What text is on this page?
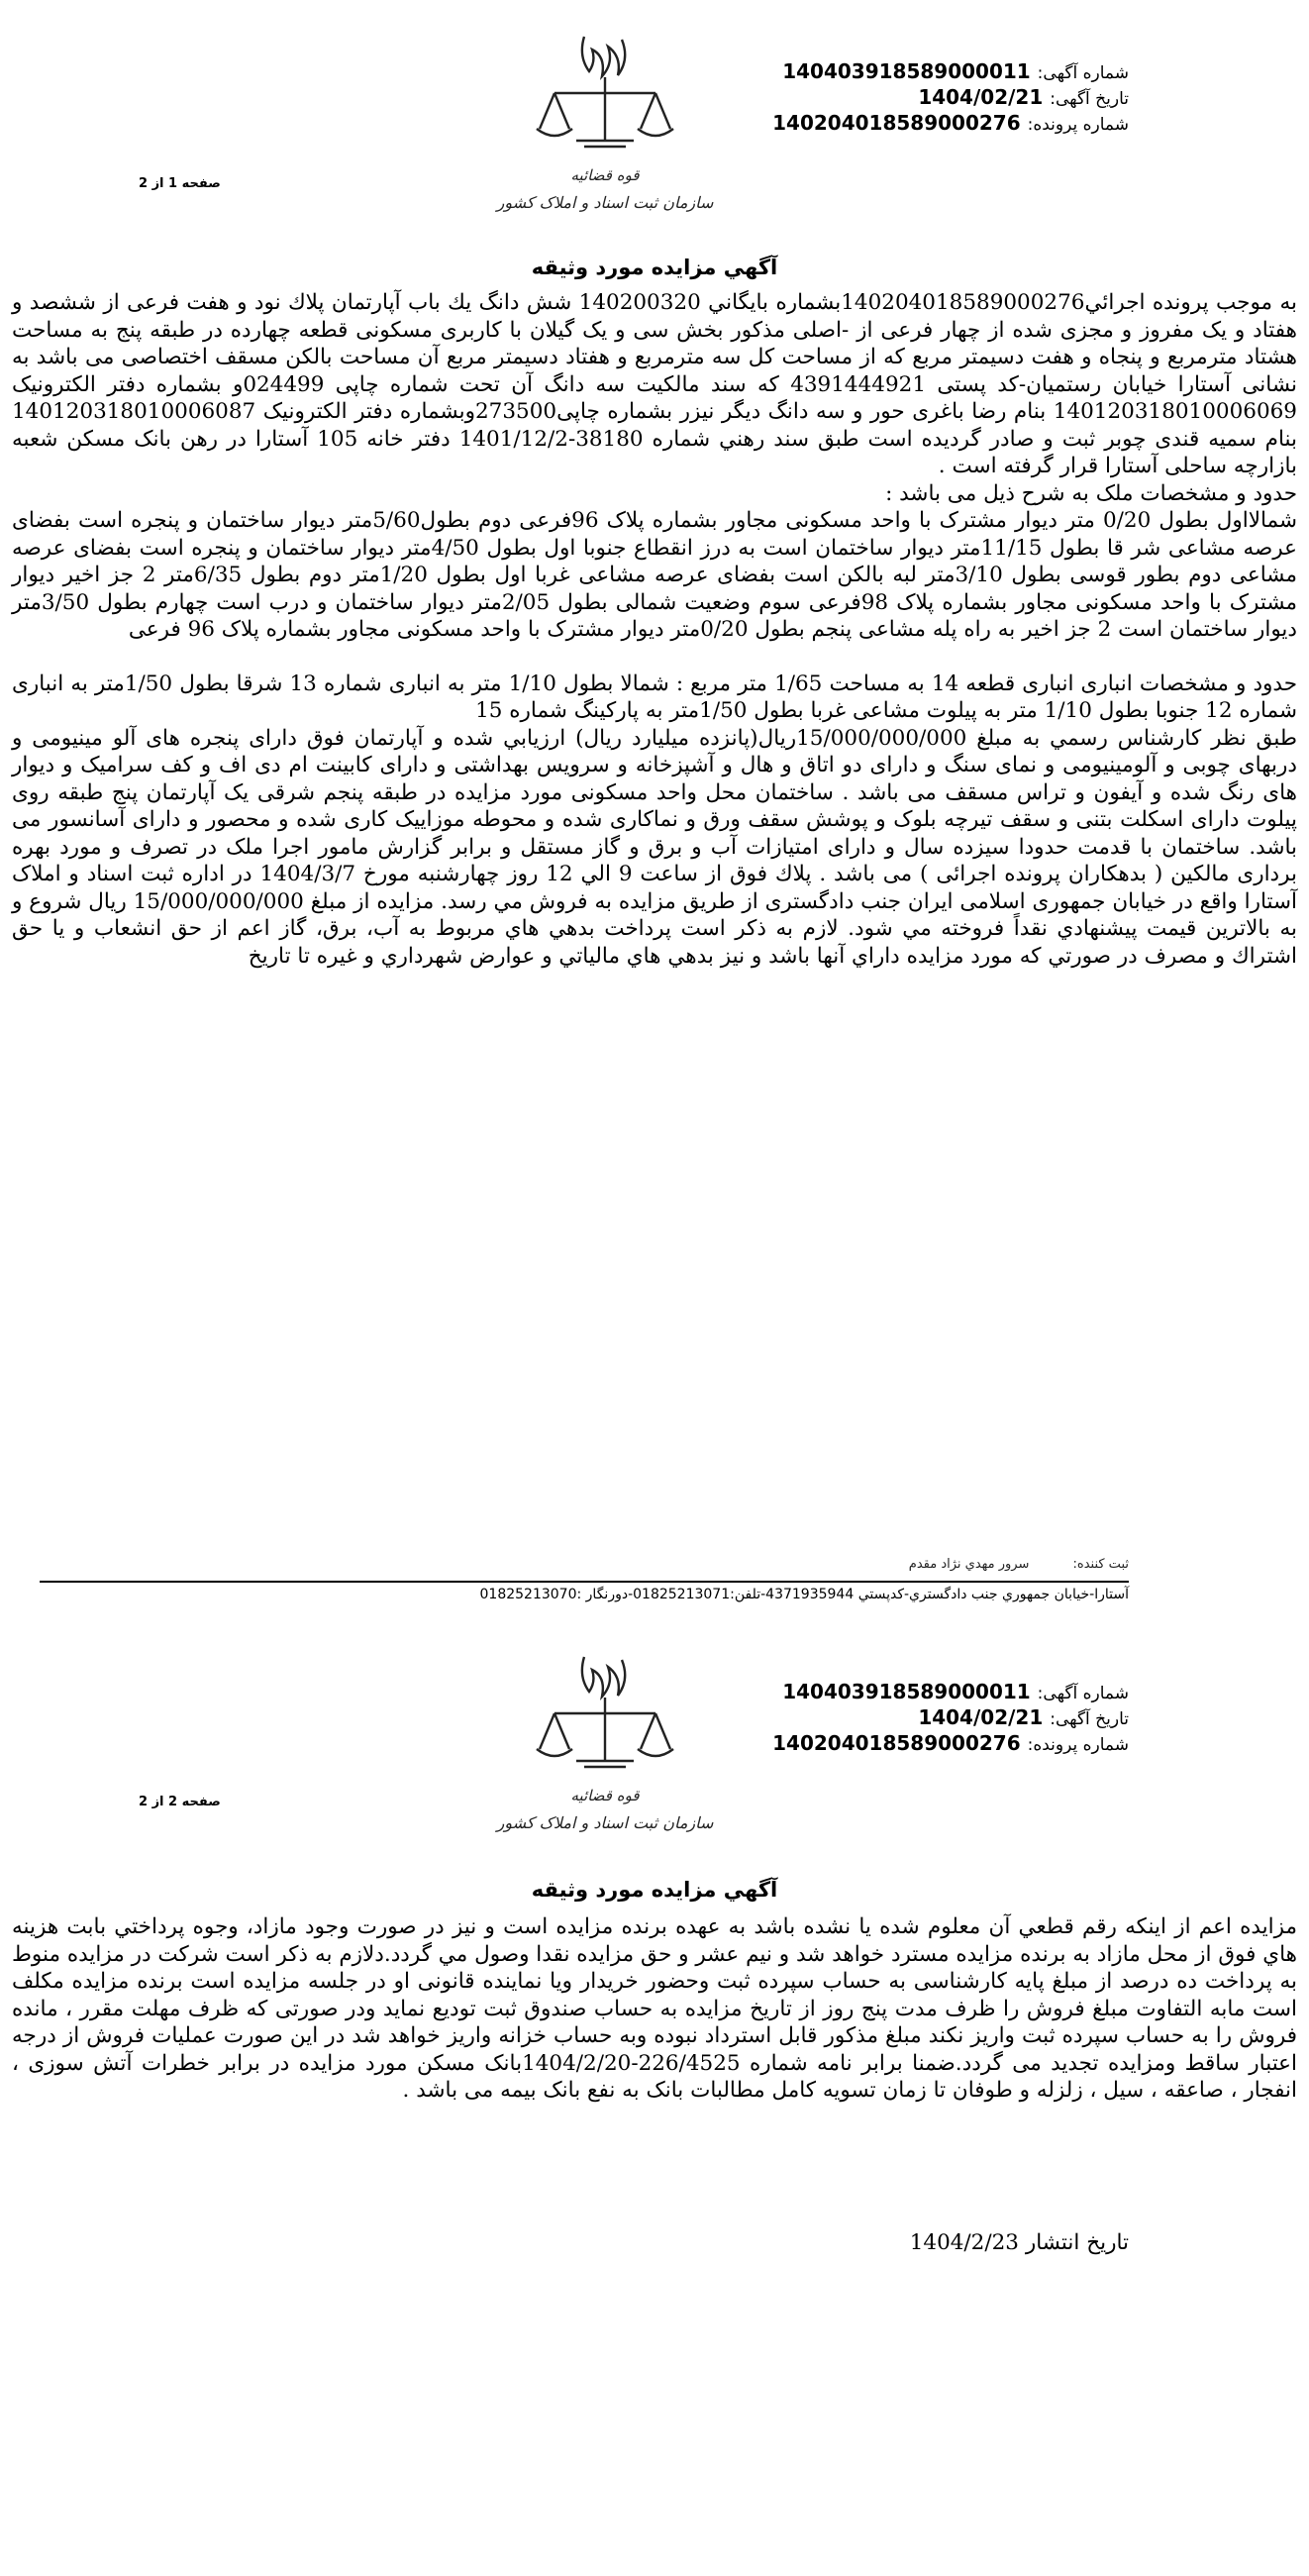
قوه قضائیه
سازمان ثبت اسناد و املاک کشور
شماره آگهی: 140403918589000011
تاریخ آگهی: 1404/02/21
شماره پرونده: 140204018589000276
صفحه 1 از 2
آگهي مزايده مورد وثيقه

به موجب پرونده اجرائي140204018589000276بشماره بايگاني 140200320 شش دانگ يك باب آپارتمان پلاك نود و هفت فرعی از ششصد و هفتاد و یک مفروز و مجزی شده از چهار فرعی از -اصلی مذکور بخش سی و یک گیلان با کاربری مسکونی قطعه چهارده در طبقه پنج به مساحت هشتاد مترمربع و پنجاه و هفت دسیمتر مربع که از مساحت کل سه مترمربع و هفتاد دسیمتر مربع آن مساحت بالکن مسقف اختصاصی می باشد به نشانی آستارا خیابان رستمیان-کد پستی 4391444921 که سند مالکیت سه دانگ آن تحت شماره چاپی 024499و بشماره دفتر الکترونیک 140120318010006069 بنام رضا باغری حور و سه دانگ دیگر نیزر بشماره چاپی273500وبشماره دفتر الکترونیک 140120318010006087 بنام سمیه قندی چوبر ثبت و صادر گردیده است طبق سند رهني شماره 38180-1401/12/2 دفتر خانه 105 آستارا در رهن بانک مسکن شعبه بازارچه ساحلی آستارا قرار گرفته است .

حدود و مشخصات ملک به شرح ذیل می باشد :

شمالااول بطول 0/20 متر دیوار مشترک با واحد مسکونی مجاور بشماره پلاک 96فرعی دوم بطول5/60متر دیوار ساختمان و پنجره است بفضای عرصه مشاعی شر قا بطول 11/15متر دیوار ساختمان است به درز انقطاع جنوبا اول بطول 4/50متر دیوار ساختمان و پنجره است بفضای عرصه مشاعی دوم بطور قوسی بطول 3/10متر لبه بالکن است بفضای عرصه مشاعی غربا اول بطول 1/20متر دوم بطول 6/35متر 2 جز اخیر دیوار مشترک با واحد مسکونی مجاور بشماره پلاک 98فرعی سوم وضعیت شمالی بطول 2/05متر دیوار ساختمان و درب است چهارم بطول 3/50متر دیوار ساختمان است 2 جز اخیر به راه پله مشاعی پنجم بطول 0/20متر دیوار مشترک با واحد مسکونی مجاور بشماره پلاک 96 فرعی

حدود و مشخصات انباری انباری قطعه 14 به مساحت 1/65 متر مربع : شمالا بطول 1/10 متر به انباری شماره 13 شرقا بطول 1/50متر به انباری شماره 12 جنوبا بطول 1/10 متر به پیلوت مشاعی غربا بطول 1/50متر به پارکینگ شماره 15

طبق نظر کارشناس رسمي به مبلغ 15/000/000/000ریال(پانزده میلیارد ریال) ارزيابي شده و آپارتمان فوق دارای پنجره های آلو مینیومی و دربهای چوبی و آلومینیومی و نمای سنگ و دارای دو اتاق و هال و آشپزخانه و سرویس بهداشتی و دارای کابینت ام دی اف و کف سرامیک و دیوار های رنگ شده و آیفون و تراس مسقف می باشد . ساختمان محل واحد مسکونی مورد مزایده در طبقه پنجم شرقی یک آپارتمان پنج طبقه روی پیلوت دارای اسکلت بتنی و سقف تیرچه بلوک و پوشش سقف ورق و نماکاری شده و محوطه موزاییک کاری شده و محصور و دارای آسانسور می باشد. ساختمان با قدمت حدودا سیزده سال و دارای امتیازات آب و برق و گاز مستقل و برابر گزارش مامور اجرا ملک در تصرف و مورد بهره برداری مالکین ( بدهکاران پرونده اجرائی ) می باشد . پلاك فوق از ساعت 9 الي 12 روز چهارشنبه مورخ 1404/3/7 در اداره ثبت اسناد و املاک آستارا واقع در خیابان جمهوری اسلامی ایران جنب دادگستری از طريق مزايده به فروش مي رسد. مزايده از مبلغ 15/000/000/000 ريال شروع و به بالاترين قيمت پيشنهادي نقداً فروخته مي شود. لازم به ذكر است پرداخت بدهي هاي مربوط به آب، برق، گاز اعم از حق انشعاب و يا حق اشتراك و مصرف در صورتي كه مورد مزايده داراي آنها باشد و نيز بدهي هاي مالياتي و عوارض شهرداري و غيره تا تاريخ

ثبت کننده: سرور مهدي نژاد مقدم
آستارا-خیابان جمهوري جنب دادگستري-کدپستي 4371935944-تلفن:01825213071-دورنگار :01825213070
قوه قضائیه
سازمان ثبت اسناد و املاک کشور
شماره آگهی: 140403918589000011
تاریخ آگهی: 1404/02/21
شماره پرونده: 140204018589000276
صفحه 2 از 2
آگهي مزايده مورد وثيقه

مزايده اعم از اينكه رقم قطعي آن معلوم شده يا نشده باشد به عهده برنده مزايده است و نيز در صورت وجود مازاد، وجوه پرداختي بابت هزينه هاي فوق از محل مازاد به برنده مزايده مسترد خواهد شد و نيم عشر و حق مزايده نقدا وصول مي گردد.دلازم به ذکر است شرکت در مزایده منوط به پرداخت ده درصد از مبلغ پایه کارشناسی به حساب سپرده ثبت وحضور خریدار ویا نماینده قانونی او در جلسه مزایده است برنده مزایده مکلف است مابه التفاوت مبلغ فروش را ظرف مدت پنج روز از تاریخ مزایده به حساب صندوق ثبت تودیع نماید ودر صورتی که ظرف مهلت مقرر ، مانده فروش را به حساب سپرده ثبت واریز نکند مبلغ مذکور قابل استرداد نبوده وبه حساب خزانه واریز خواهد شد در این صورت عملیات فروش از درجه اعتبار ساقط ومزایده تجدید می گردد.ضمنا برابر نامه شماره 226/4525-1404/2/20بانک مسکن مورد مزایده در برابر خطرات آتش سوزی ، انفجار ، صاعقه ، سیل ، زلزله و طوفان تا زمان تسویه کامل مطالبات بانک به نفع بانک بیمه می باشد .

تاریخ انتشار 1404/2/23
